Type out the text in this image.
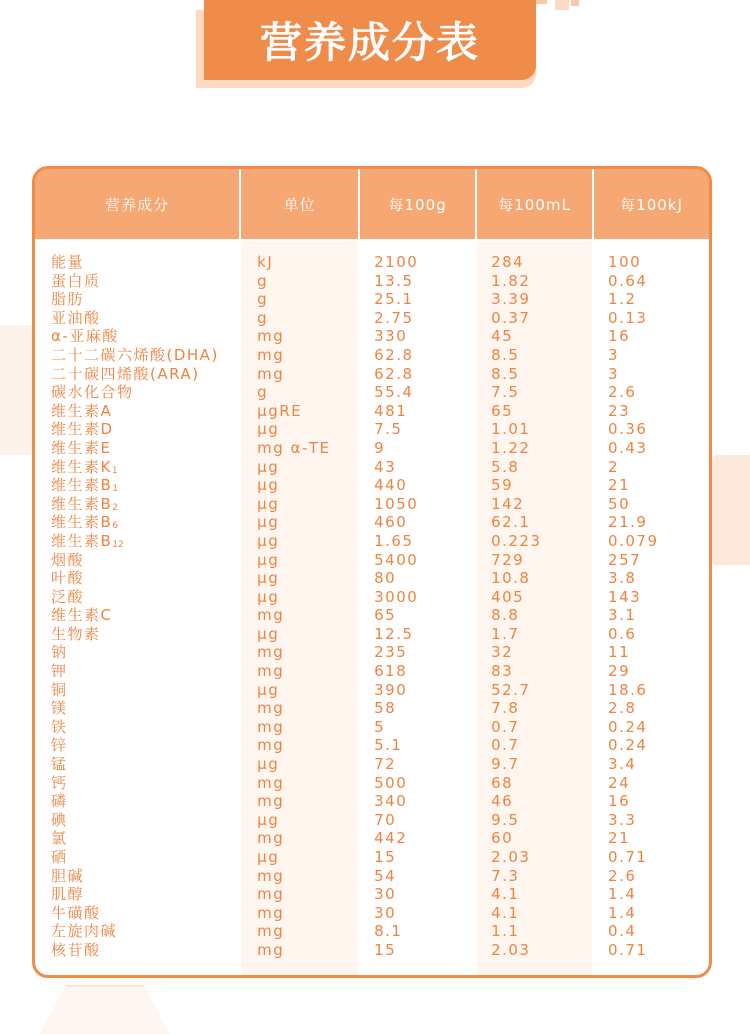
营养成分表
营养成分
能量
蛋白质
脂肪
亚油酸
α-亚麻酸
二十二碳六烯酸(DHA)
二十碳四烯酸(ARA)
碳水化合物
维生素A
维生素D
维生素E
维生素$K_1$
维生素$B_1$
维生素$B_2$
维生素$B_6$
维生素$B_{12}$
烟酸
叶酸
泛酸
维生素C
生物素
钠
钾
铜
镁
铁
锌
锰
钙
磷
碘
氯
硒
胆碱
肌醇
牛磺酸
左旋肉碱
核苷酸
单位
kJ
g
g
g
mg
mg
mg
g
μgRE
μg
mg α-TE
μg
μg
μg
μg
μg
μg
μg
μg
mg
μg
mg
mg
μg
mg
mg
mg
μg
mg
mg
μg
mg
μg
mg
mg
mg
mg
mg
每100g
2100
13.5
25.1
2.75
330
62.8
62.8
55.4
481
7.5
9
43
440
1050
460
1.65
5400
80
3000
65
12.5
235
618
390
58
5
5.1
72
500
340
70
442
15
54
30
30
8.1
15
每100mL
284
1.82
3.39
0.37
45
8.5
8.5
7.5
65
1.01
1.22
5.8
59
142
62.1
0.223
729
10.8
405
8.8
1.7
32
83
52.7
7.8
0.7
0.7
9.7
68
46
9.5
60
2.03
7.3
4.1
4.1
1.1
2.03
每100kJ
100
0.64
1.2
0.13
16
3
3
2.6
23
0.36
0.43
2
21
50
21.9
0.079
257
3.8
143
3.1
0.6
11
29
18.6
2.8
0.24
0.24
3.4
24
16
3.3
21
0.71
2.6
1.4
1.4
0.4
0.71
